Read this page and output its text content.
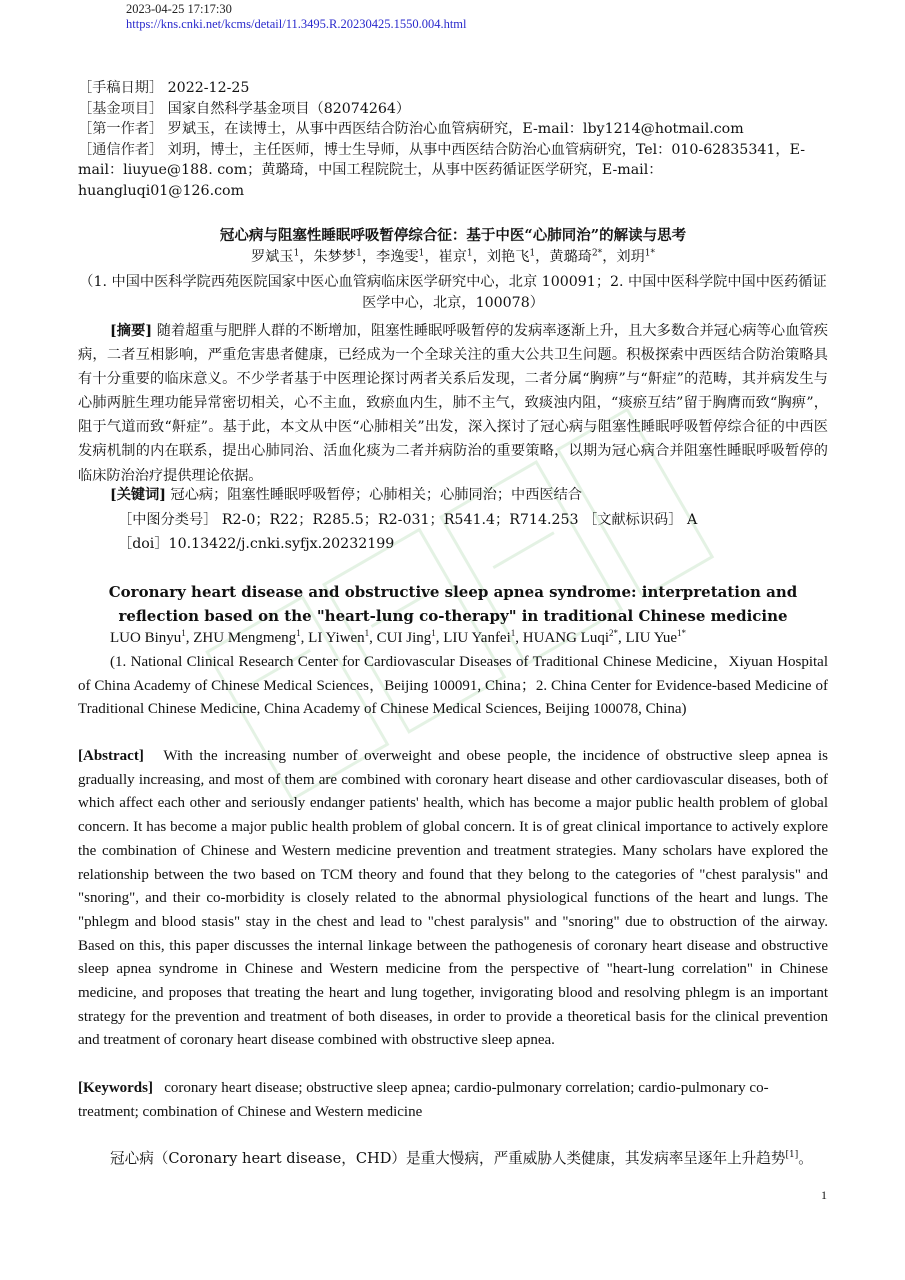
2023-04-25 17:17:30
https://kns.cnki.net/kcms/detail/11.3495.R.20230425.1550.004.html
［手稿日期］ 2022-12-25
［基金项目］ 国家自然科学基金项目（82074264）
［第一作者］ 罗斌玉，在读博士，从事中西医结合防治心血管病研究，E-mail：lby1214@hotmail.com
［通信作者］ 刘玥，博士，主任医师，博士生导师，从事中西医结合防治心血管病研究，Tel：010-62835341，E-mail：liuyue@188. com；黄璐琦，中国工程院院士，从事中医药循证医学研究，E-mail：huangluqi01@126.com
冠心病与阻塞性睡眠呼吸暂停综合征：基于中医“心肺同治”的解读与思考
罗斌玉$^1$，朱梦梦$^1$，李逸雯$^1$，崔京$^1$，刘艳飞$^1$，黄璐琦$^{2*}$，刘玥$^{1*}$
（1. 中国中医科学院西苑医院国家中医心血管病临床医学研究中心，北京 100091；2. 中国中医科学院中国中医药循证医学中心，北京，100078）
[摘要] 随着超重与肥胖人群的不断增加，阻塞性睡眠呼吸暂停的发病率逐渐上升，且大多数合并冠心病等心血管疾病，二者互相影响，严重危害患者健康，已经成为一个全球关注的重大公共卫生问题。积极探索中西医结合防治策略具有十分重要的临床意义。不少学者基于中医理论探讨两者关系后发现，二者分属“胸痹”与“鼾症”的范畴，其并病发生与心肺两脏生理功能异常密切相关，心不主血，致瘀血内生，肺不主气，致痰浊内阻，“痰瘀互结”留于胸膺而致“胸痹”，阻于气道而致“鼾症”。基于此，本文从中医“心肺相关”出发，深入探讨了冠心病与阻塞性睡眠呼吸暂停综合征的中西医发病机制的内在联系，提出心肺同治、活血化痰为二者并病防治的重要策略，以期为冠心病合并阻塞性睡眠呼吸暂停的临床防治治疗提供理论依据。
[关键词] 冠心病；阻塞性睡眠呼吸暂停；心肺相关；心肺同治；中西医结合
［中图分类号］ R2-0；R22；R285.5；R2-031；R541.4；R714.253 ［文献标识码］ A
［doi］10.13422/j.cnki.syfjx.20232199
Coronary heart disease and obstructive sleep apnea syndrome: interpretation and reflection based on the "heart-lung co-therapy" in traditional Chinese medicine
LUO Binyu$^1$, ZHU Mengmeng$^1$, LI Yiwen$^1$, CUI Jing$^1$, LIU Yanfei$^1$, HUANG Luqi$^{2*}$, LIU Yue$^{1*}$
(1. National Clinical Research Center for Cardiovascular Diseases of Traditional Chinese Medicine，Xiyuan Hospital of China Academy of Chinese Medical Sciences，Beijing 100091, China；2. China Center for Evidence-based Medicine of Traditional Chinese Medicine, China Academy of Chinese Medical Sciences, Beijing 100078, China)
[Abstract] With the increasing number of overweight and obese people, the incidence of obstructive sleep apnea is gradually increasing, and most of them are combined with coronary heart disease and other cardiovascular diseases, both of which affect each other and seriously endanger patients' health, which has become a major public health problem of global concern. It has become a major public health problem of global concern. It is of great clinical importance to actively explore the combination of Chinese and Western medicine prevention and treatment strategies. Many scholars have explored the relationship between the two based on TCM theory and found that they belong to the categories of "chest paralysis" and "snoring", and their co-morbidity is closely related to the abnormal physiological functions of the heart and lungs. The "phlegm and blood stasis" stay in the chest and lead to "chest paralysis" and "snoring" due to obstruction of the airway. Based on this, this paper discusses the internal linkage between the pathogenesis of coronary heart disease and obstructive sleep apnea syndrome in Chinese and Western medicine from the perspective of "heart-lung correlation" in Chinese medicine, and proposes that treating the heart and lung together, invigorating blood and resolving phlegm is an important strategy for the prevention and treatment of both diseases, in order to provide a theoretical basis for the clinical prevention and treatment of coronary heart disease combined with obstructive sleep apnea.
[Keywords] coronary heart disease; obstructive sleep apnea; cardio-pulmonary correlation; cardio-pulmonary co-treatment; combination of Chinese and Western medicine
冠心病（Coronary heart disease，CHD）是重大慢病，严重威胁人类健康，其发病率呈逐年上升趋势[1]。
1
